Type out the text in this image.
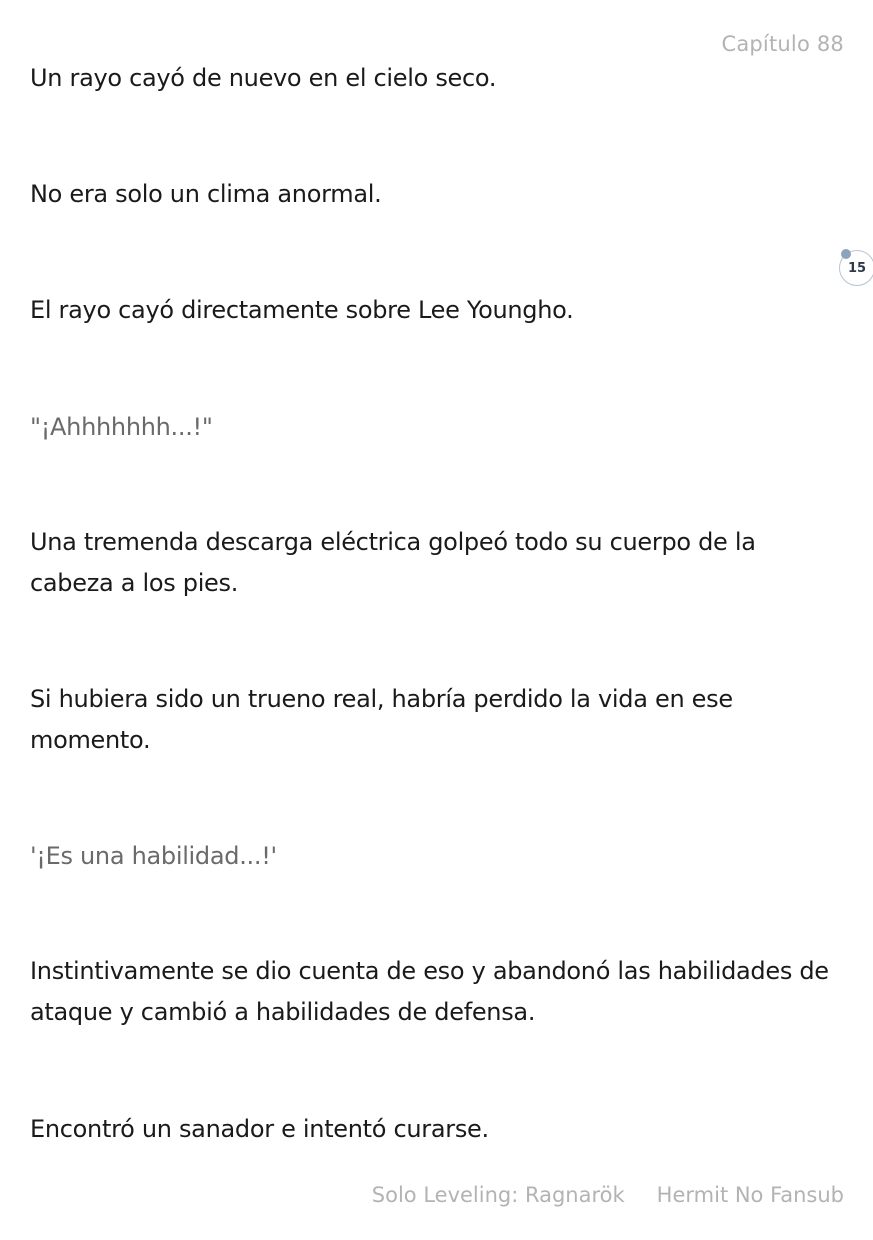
Capítulo 88

Un rayo cayó de nuevo en el cielo seco.

No era solo un clima anormal.

El rayo cayó directamente sobre Lee Youngho.

"¡Ahhhhhhh...!"

Una tremenda descarga eléctrica golpeó todo su cuerpo de la cabeza a los pies.

Si hubiera sido un trueno real, habría perdido la vida en ese momento.

'¡Es una habilidad...!'

Instintivamente se dio cuenta de eso y abandonó las habilidades de ataque y cambió a habilidades de defensa.

Encontró un sanador e intentó curarse.

15
Solo Leveling: Ragnarök Hermit No Fansub
